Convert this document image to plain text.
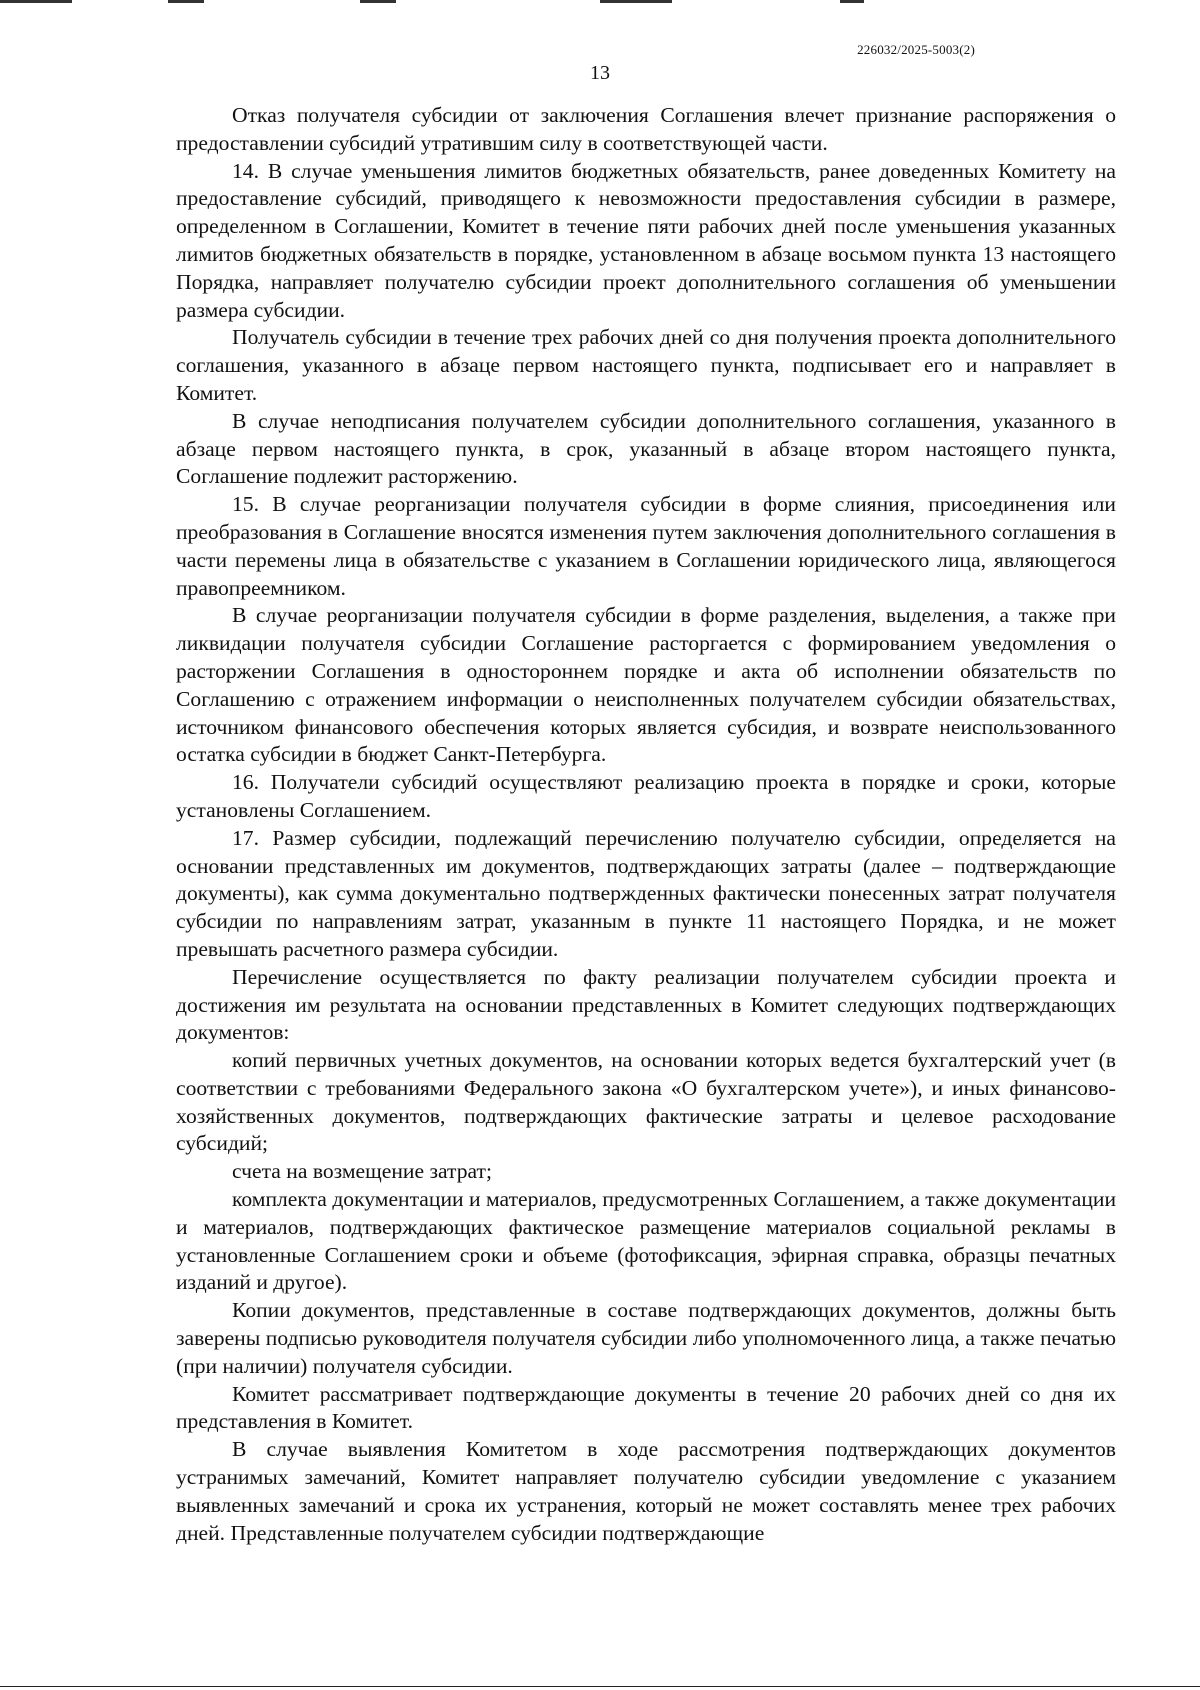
226032/2025-5003(2)
13

Отказ получателя субсидии от заключения Соглашения влечет признание распоряжения о предоставлении субсидий утратившим силу в соответствующей части.

14. В случае уменьшения лимитов бюджетных обязательств, ранее доведенных Комитету на предоставление субсидий, приводящего к невозможности предоставления субсидии в размере, определенном в Соглашении, Комитет в течение пяти рабочих дней после уменьшения указанных лимитов бюджетных обязательств в порядке, установленном в абзаце восьмом пункта 13 настоящего Порядка, направляет получателю субсидии проект дополнительного соглашения об уменьшении размера субсидии.

Получатель субсидии в течение трех рабочих дней со дня получения проекта дополнительного соглашения, указанного в абзаце первом настоящего пункта, подписывает его и направляет в Комитет.

В случае неподписания получателем субсидии дополнительного соглашения, указанного в абзаце первом настоящего пункта, в срок, указанный в абзаце втором настоящего пункта, Соглашение подлежит расторжению.

15. В случае реорганизации получателя субсидии в форме слияния, присоединения или преобразования в Соглашение вносятся изменения путем заключения дополнительного соглашения в части перемены лица в обязательстве с указанием в Соглашении юридического лица, являющегося правопреемником.

В случае реорганизации получателя субсидии в форме разделения, выделения, а также при ликвидации получателя субсидии Соглашение расторгается с формированием уведомления о расторжении Соглашения в одностороннем порядке и акта об исполнении обязательств по Соглашению с отражением информации о неисполненных получателем субсидии обязательствах, источником финансового обеспечения которых является субсидия, и возврате неиспользованного остатка субсидии в бюджет Санкт-Петербурга.

16. Получатели субсидий осуществляют реализацию проекта в порядке и сроки, которые установлены Соглашением.

17. Размер субсидии, подлежащий перечислению получателю субсидии, определяется на основании представленных им документов, подтверждающих затраты (далее – подтверждающие документы), как сумма документально подтвержденных фактически понесенных затрат получателя субсидии по направлениям затрат, указанным в пункте 11 настоящего Порядка, и не может превышать расчетного размера субсидии.

Перечисление осуществляется по факту реализации получателем субсидии проекта и достижения им результата на основании представленных в Комитет следующих подтверждающих документов:

копий первичных учетных документов, на основании которых ведется бухгалтерский учет (в соответствии с требованиями Федерального закона «О бухгалтерском учете»), и иных финансово-хозяйственных документов, подтверждающих фактические затраты и целевое расходование субсидий;

счета на возмещение затрат;

комплекта документации и материалов, предусмотренных Соглашением, а также документации и материалов, подтверждающих фактическое размещение материалов социальной рекламы в установленные Соглашением сроки и объеме (фотофиксация, эфирная справка, образцы печатных изданий и другое).

Копии документов, представленные в составе подтверждающих документов, должны быть заверены подписью руководителя получателя субсидии либо уполномоченного лица, а также печатью (при наличии) получателя субсидии.

Комитет рассматривает подтверждающие документы в течение 20 рабочих дней со дня их представления в Комитет.

В случае выявления Комитетом в ходе рассмотрения подтверждающих документов устранимых замечаний, Комитет направляет получателю субсидии уведомление с указанием выявленных замечаний и срока их устранения, который не может составлять менее трех рабочих дней. Представленные получателем субсидии подтверждающие
